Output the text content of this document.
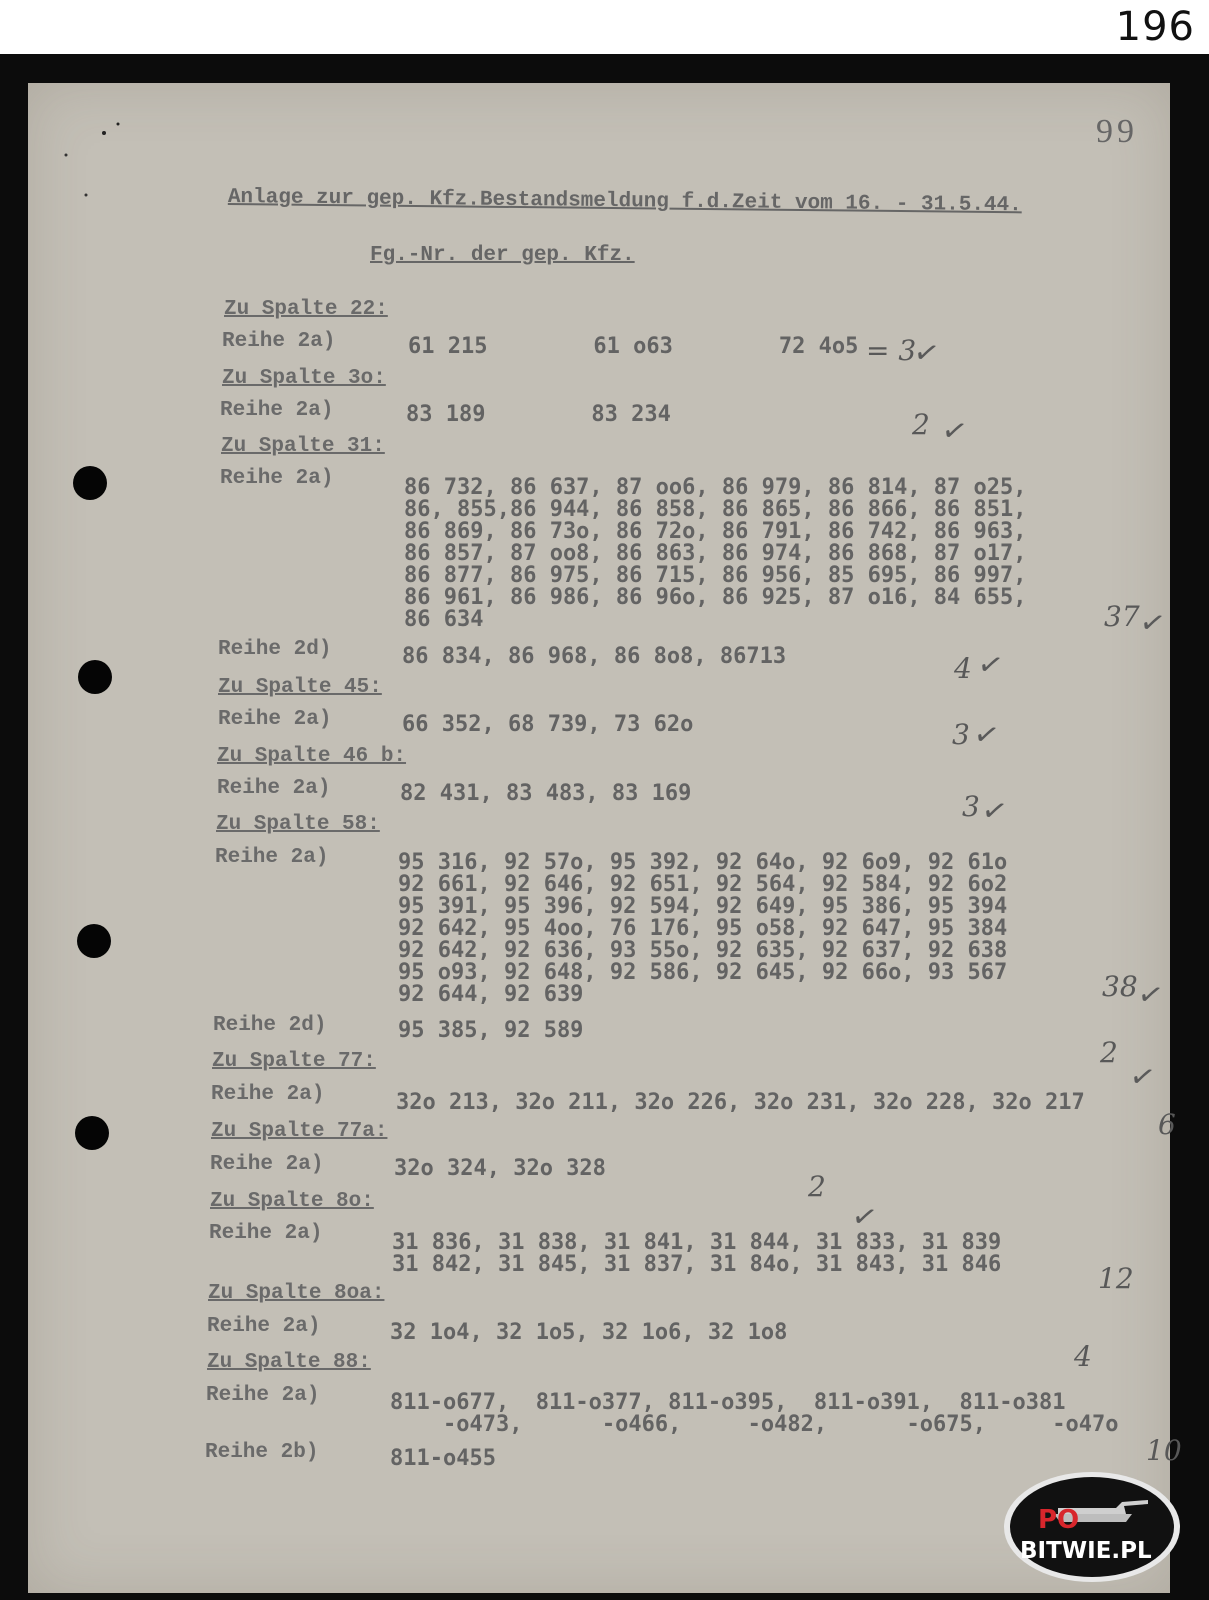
196
99
Anlage zur gep. Kfz.Bestandsmeldung f.d.Zeit vom 16. - 31.5.44.
Fg.-Nr. der gep. Kfz.
Zu Spalte 22:
Reihe 2a)	61 215        61 o63        72 4o5
Zu Spalte 3o:
Reihe 2a)	83 189        83 234
Zu Spalte 31:
Reihe 2a)	86 732, 86 637, 87 oo6, 86 979, 86 814, 87 o25,
86, 855,86 944, 86 858, 86 865, 86 866, 86 851,
86 869, 86 73o, 86 72o, 86 791, 86 742, 86 963,
86 857, 87 oo8, 86 863, 86 974, 86 868, 87 o17,
86 877, 86 975, 86 715, 86 956, 85 695, 86 997,
86 961, 86 986, 86 96o, 86 925, 87 o16, 84 655,
86 634
Reihe 2d)	86 834, 86 968, 86 8o8, 86713
Zu Spalte 45:
Reihe 2a)	66 352, 68 739, 73 62o
Zu Spalte 46 b:
Reihe 2a)	82 431, 83 483, 83 169
Zu Spalte 58:
Reihe 2a)	95 316, 92 57o, 95 392, 92 64o, 92 6o9, 92 61o
92 661, 92 646, 92 651, 92 564, 92 584, 92 6o2
95 391, 95 396, 92 594, 92 649, 95 386, 95 394
92 642, 95 4oo, 76 176, 95 o58, 92 647, 95 384
92 642, 92 636, 93 55o, 92 635, 92 637, 92 638
95 o93, 92 648, 92 586, 92 645, 92 66o, 93 567
92 644, 92 639
Reihe 2d)	95 385, 92 589
Zu Spalte 77:
Reihe 2a)	32o 213, 32o 211, 32o 226, 32o 231, 32o 228, 32o 217
Zu Spalte 77a:
Reihe 2a)	32o 324, 32o 328
Zu Spalte 8o:
Reihe 2a)	31 836, 31 838, 31 841, 31 844, 31 833, 31 839
31 842, 31 845, 31 837, 31 84o, 31 843, 31 846
Zu Spalte 8oa:
Reihe 2a)	32 1o4, 32 1o5, 32 1o6, 32 1o8
Zu Spalte 88:
Reihe 2a)	811-o677,  811-o377, 811-o395,  811-o391,  811-o381
-o473,      -o466,     -o482,      -o675,     -o47o
Reihe 2b)	811-o455
= 3
✓
2 ✓
37
✓
4 ✓
3 ✓
3
✓
38
✓
2
✓
6
2
✓
12
4
10
PO
BITWIE.PL
